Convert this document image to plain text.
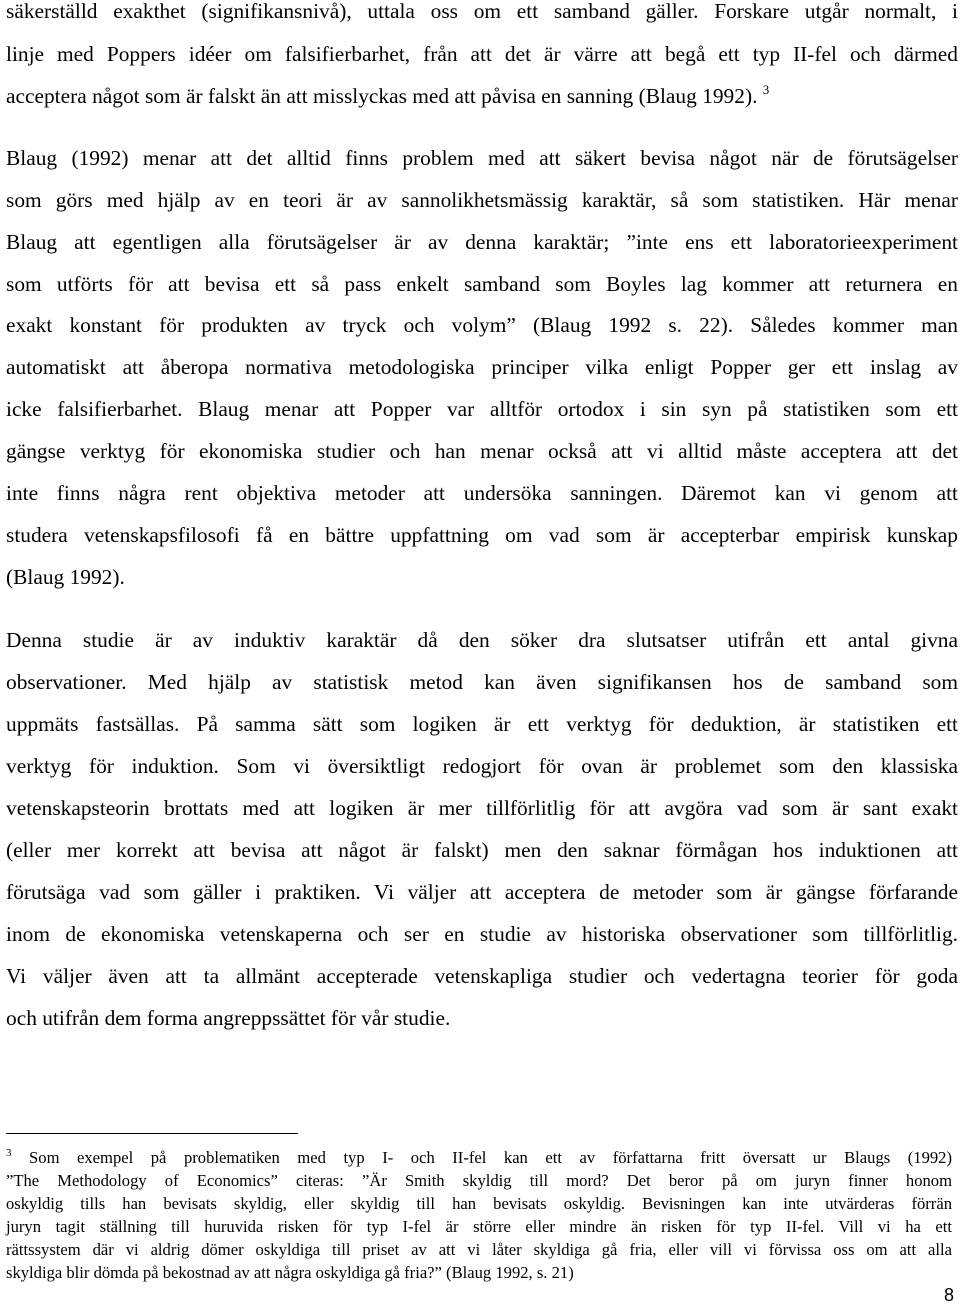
säkerställd exakthet (signifikansnivå), uttala oss om ett samband gäller. Forskare utgår normalt, i
linje med Poppers idéer om falsifierbarhet, från att det är värre att begå ett typ II-fel och därmed
acceptera något som är falskt än att misslyckas med att påvisa en sanning (Blaug 1992). $^3$
Blaug (1992) menar att det alltid finns problem med att säkert bevisa något när de förutsägelser
som görs med hjälp av en teori är av sannolikhetsmässig karaktär, så som statistiken. Här menar
Blaug att egentligen alla förutsägelser är av denna karaktär; ”inte ens ett laboratorieexperiment
som utförts för att bevisa ett så pass enkelt samband som Boyles lag kommer att returnera en
exakt konstant för produkten av tryck och volym” (Blaug 1992 s. 22). Således kommer man
automatiskt att åberopa normativa metodologiska principer vilka enligt Popper ger ett inslag av
icke falsifierbarhet. Blaug menar att Popper var alltför ortodox i sin syn på statistiken som ett
gängse verktyg för ekonomiska studier och han menar också att vi alltid måste acceptera att det
inte finns några rent objektiva metoder att undersöka sanningen. Däremot kan vi genom att
studera vetenskapsfilosofi få en bättre uppfattning om vad som är accepterbar empirisk kunskap
(Blaug 1992).
Denna studie är av induktiv karaktär då den söker dra slutsatser utifrån ett antal givna
observationer. Med hjälp av statistisk metod kan även signifikansen hos de samband som
uppmäts fastsällas. På samma sätt som logiken är ett verktyg för deduktion, är statistiken ett
verktyg för induktion. Som vi översiktligt redogjort för ovan är problemet som den klassiska
vetenskapsteorin brottats med att logiken är mer tillförlitlig för att avgöra vad som är sant exakt
(eller mer korrekt att bevisa att något är falskt) men den saknar förmågan hos induktionen att
förutsäga vad som gäller i praktiken. Vi väljer att acceptera de metoder som är gängse förfarande
inom de ekonomiska vetenskaperna och ser en studie av historiska observationer som tillförlitlig.
Vi väljer även att ta allmänt accepterade vetenskapliga studier och vedertagna teorier för goda
och utifrån dem forma angreppssättet för vår studie.
$^3$ Som exempel på problematiken med typ I- och II-fel kan ett av författarna fritt översatt ur Blaugs (1992)
”The Methodology of Economics” citeras: ”Är Smith skyldig till mord? Det beror på om juryn finner honom
oskyldig tills han bevisats skyldig, eller skyldig till han bevisats oskyldig. Bevisningen kan inte utvärderas förrän
juryn tagit ställning till huruvida risken för typ I-fel är större eller mindre än risken för typ II-fel. Vill vi ha ett
rättssystem där vi aldrig dömer oskyldiga till priset av att vi låter skyldiga gå fria, eller vill vi förvissa oss om att alla
skyldiga blir dömda på bekostnad av att några oskyldiga gå fria?” (Blaug 1992, s. 21)
8
